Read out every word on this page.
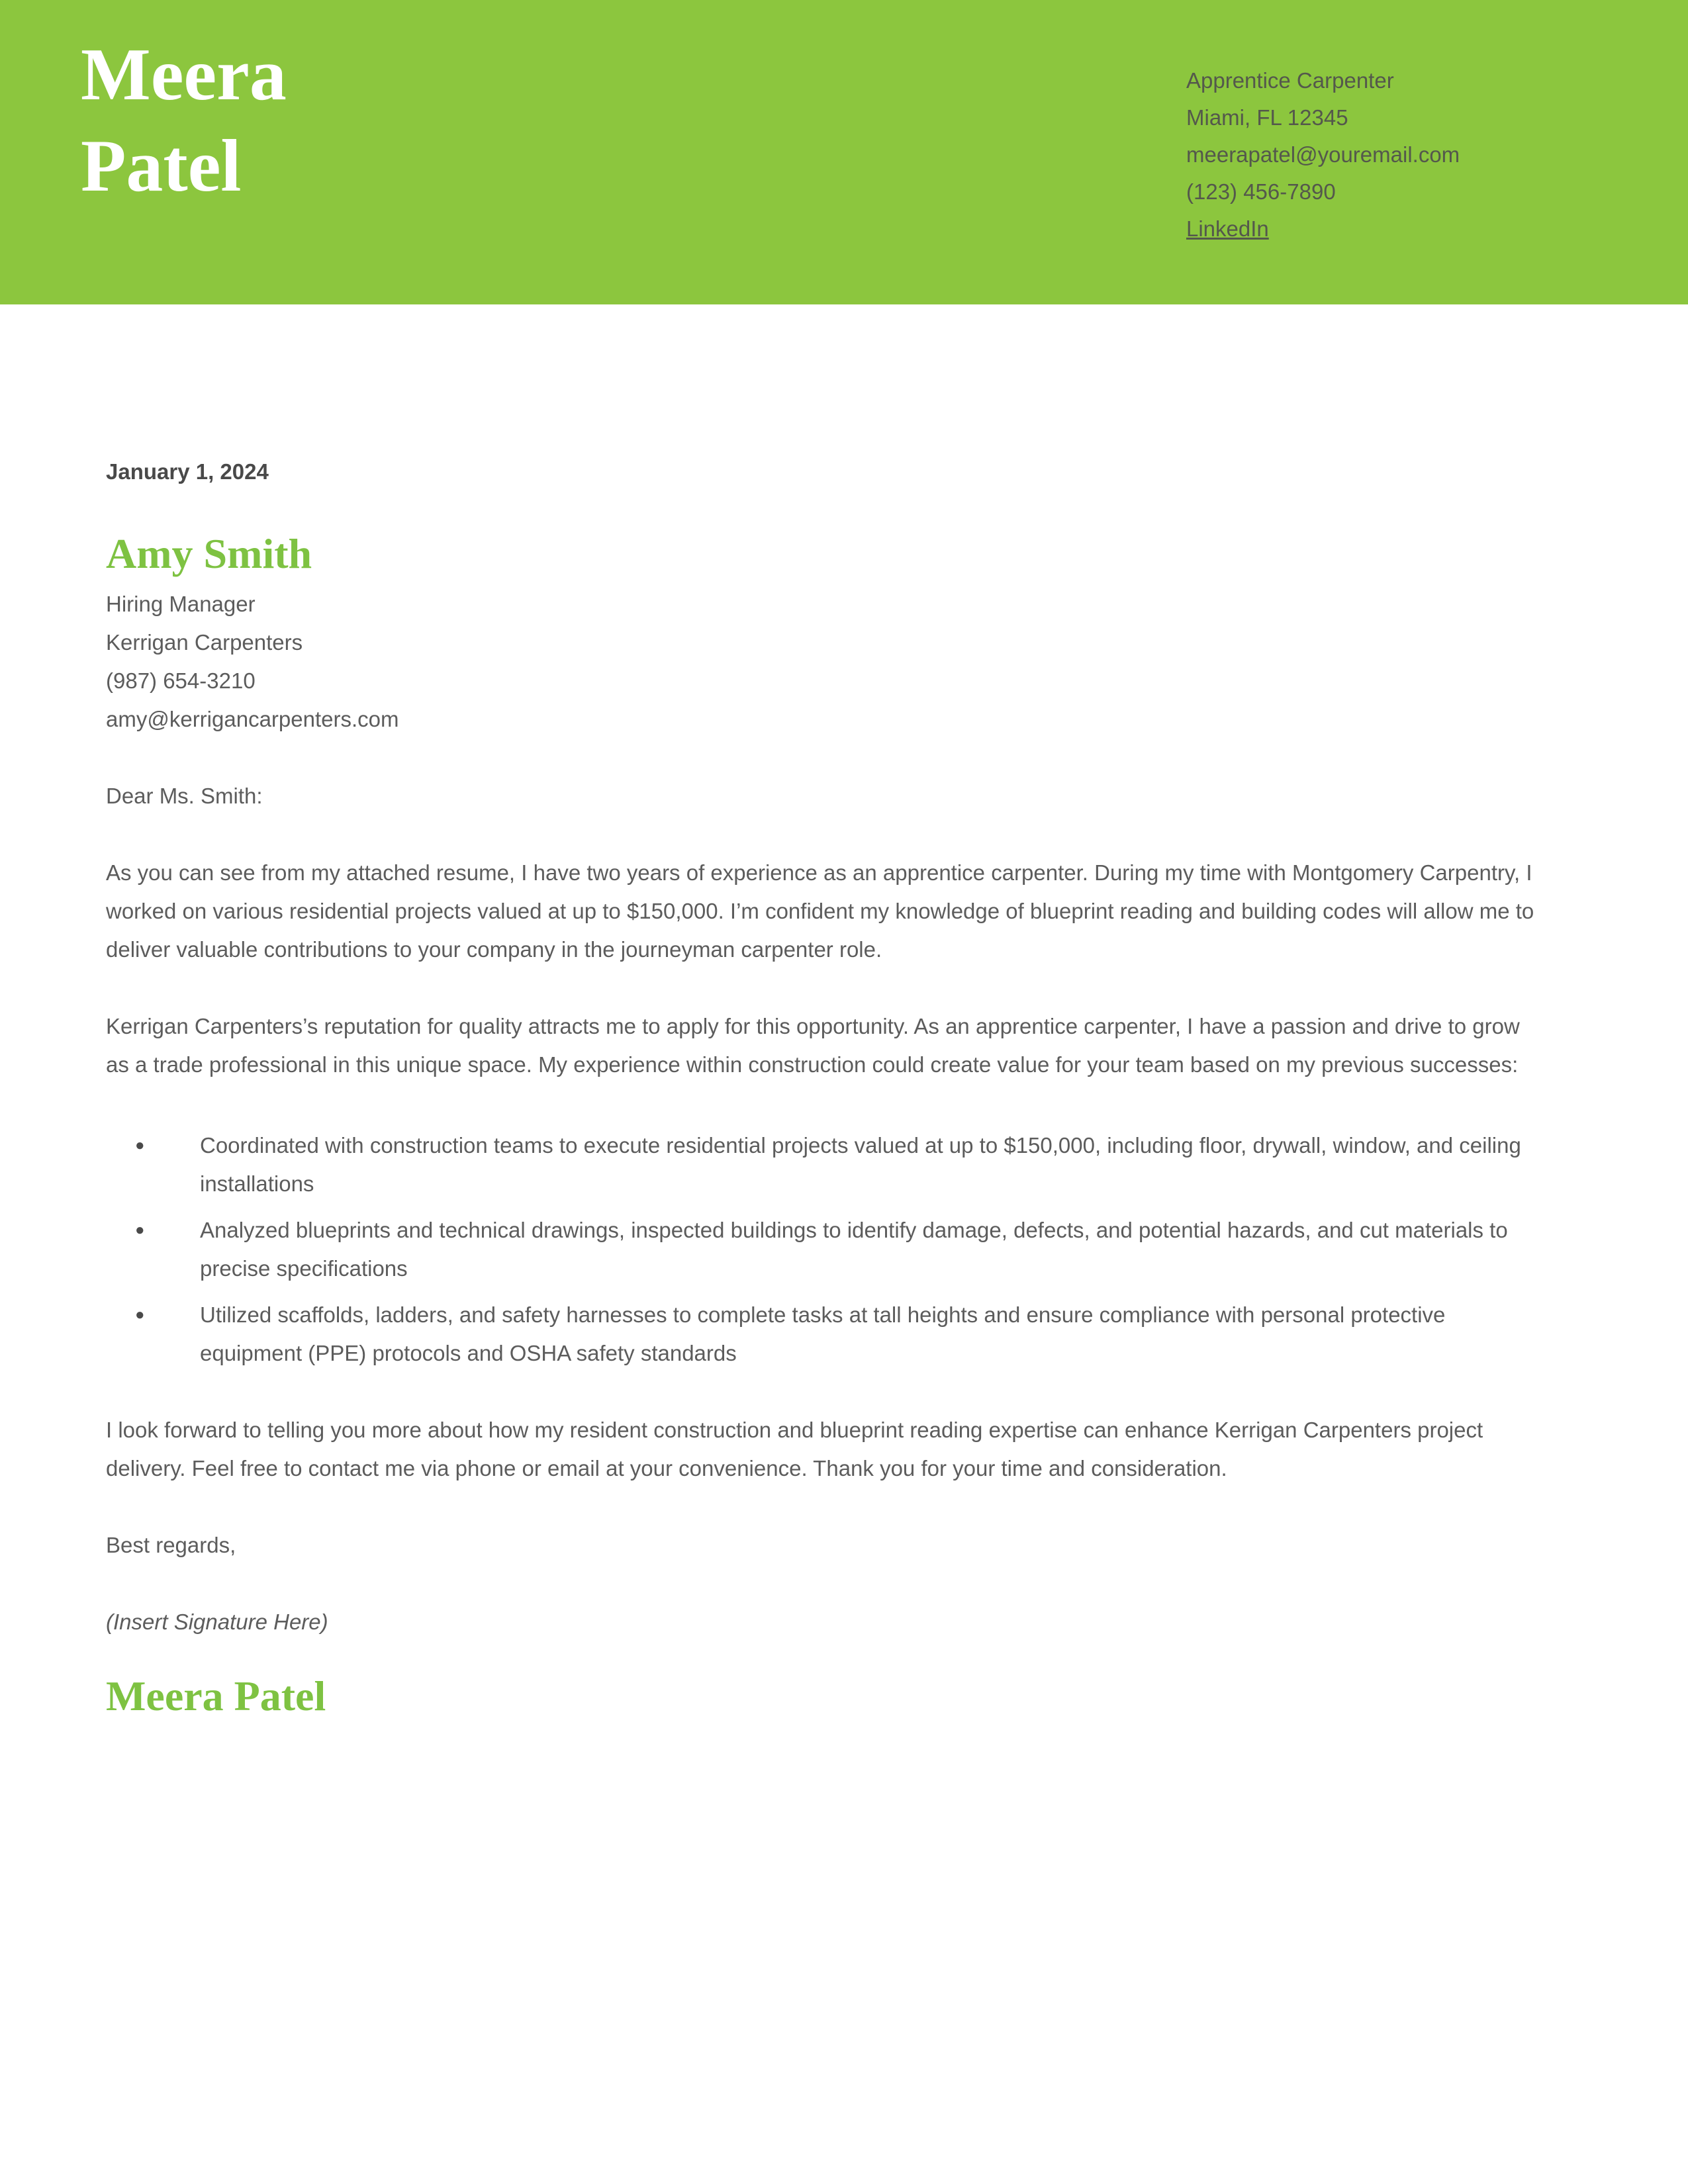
Meera
Patel
Apprentice Carpenter
Miami, FL 12345
meerapatel@youremail.com
(123) 456-7890
LinkedIn
January 1, 2024
Amy Smith
Hiring Manager
Kerrigan Carpenters
(987) 654-3210
amy@kerrigancarpenters.com
Dear Ms. Smith:

As you can see from my attached resume, I have two years of experience as an apprentice carpenter. During my time with Montgomery Carpentry, I worked on various residential projects valued at up to $150,000. I’m confident my knowledge of blueprint reading and building codes will allow me to deliver valuable contributions to your company in the journeyman carpenter role.

Kerrigan Carpenters’s reputation for quality attracts me to apply for this opportunity. As an apprentice carpenter, I have a passion and drive to grow as a trade professional in this unique space. My experience within construction could create value for your team based on my previous successes:

●	Coordinated with construction teams to execute residential projects valued at up to $150,000, including floor, drywall, window, and ceiling installations
●	Analyzed blueprints and technical drawings, inspected buildings to identify damage, defects, and potential hazards, and cut materials to precise specifications
●	Utilized scaffolds, ladders, and safety harnesses to complete tasks at tall heights and ensure compliance with personal protective equipment (PPE) protocols and OSHA safety standards

I look forward to telling you more about how my resident construction and blueprint reading expertise can enhance Kerrigan Carpenters project delivery. Feel free to contact me via phone or email at your convenience. Thank you for your time and consideration.

Best regards,
(Insert Signature Here)
Meera Patel
